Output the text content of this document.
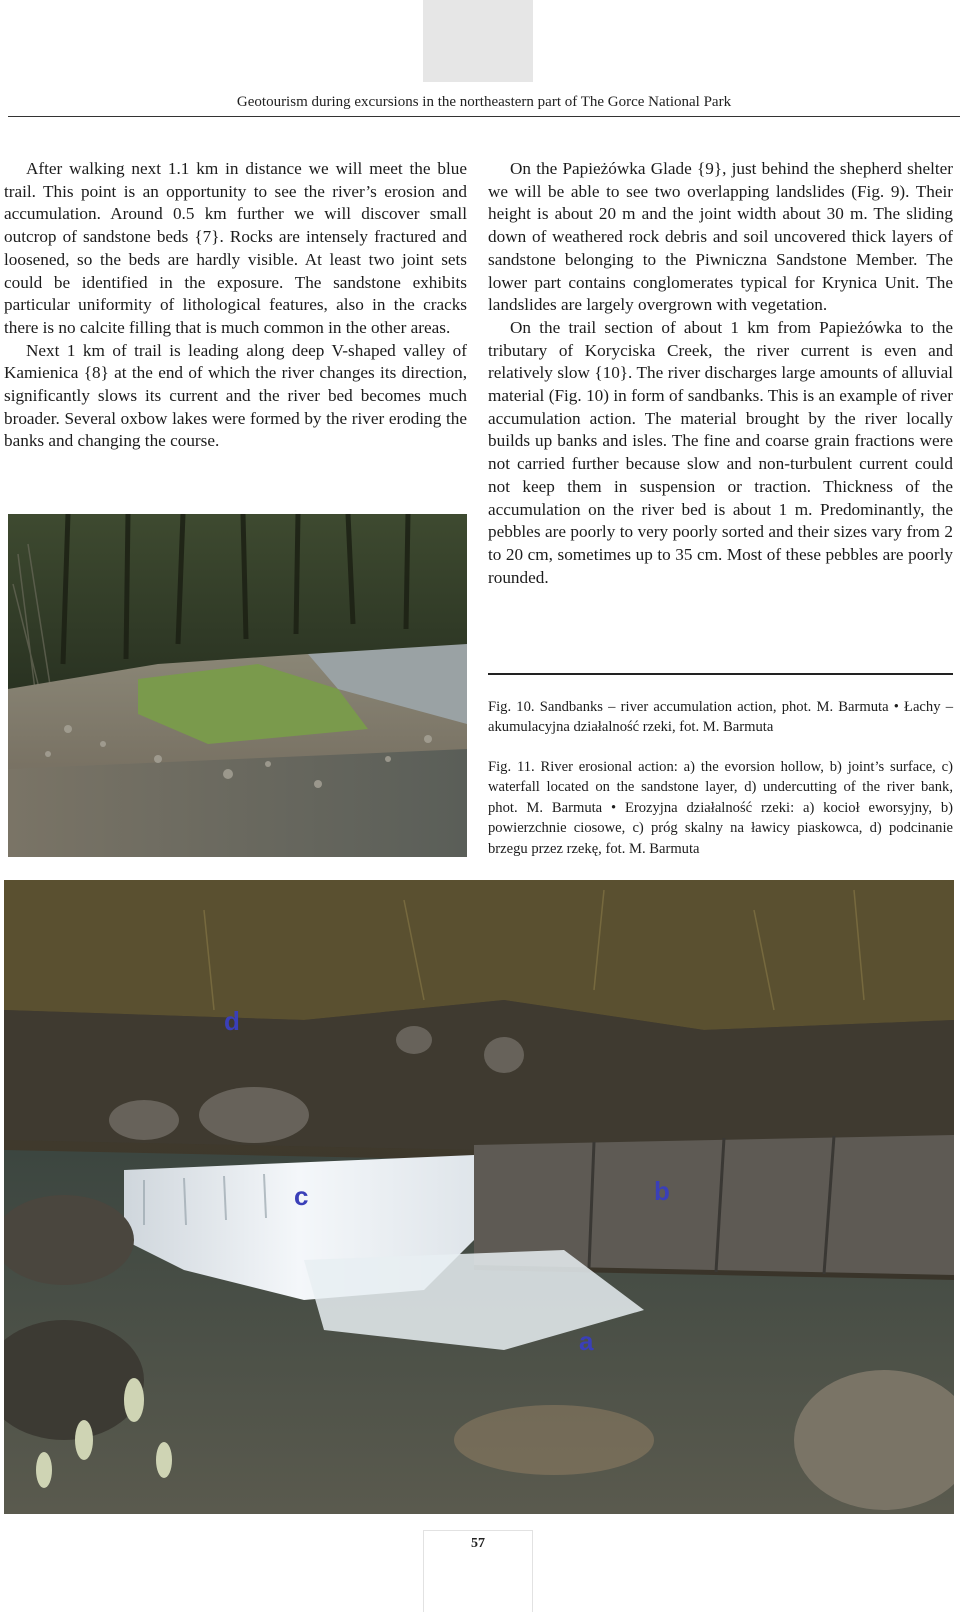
Geotourism during excursions in the northeastern part of The Gorce National Park

After walking next 1.1 km in distance we will meet the blue trail. This point is an opportunity to see the river’s erosion and accumulation. Around 0.5 km further we will discover small outcrop of sandstone beds {7}. Rocks are intensely fractured and loosened, so the beds are hardly visible. At least two joint sets could be identified in the exposure. The sandstone exhibits particular uniformity of lithological features, also in the cracks there is no calcite filling that is much common in the other areas.

Next 1 km of trail is leading along deep V-shaped valley of Kamienica {8} at the end of which the river changes its direction, significantly slows its current and the river bed becomes much broader. Several oxbow lakes were formed by the river eroding the banks and changing the course.

On the Papieżówka Glade {9}, just behind the shepherd shelter we will be able to see two overlapping landslides (Fig. 9). Their height is about 20 m and the joint width about 30 m. The sliding down of weathered rock debris and soil uncovered thick layers of sandstone belonging to the Piwniczna Sandstone Member. The lower part contains conglomerates typical for Krynica Unit. The landslides are largely overgrown with vegetation.

On the trail section of about 1 km from Papieżówka to the tributary of Koryciska Creek, the river current is even and relatively slow {10}. The river discharges large amounts of alluvial material (Fig. 10) in form of sandbanks. This is an example of river accumulation action. The material brought by the river locally builds up banks and isles. The fine and coarse grain fractions were not carried further because slow and non-turbulent current could not keep them in suspension or traction. Thickness of the accumulation on the river bed is about 1 m. Predominantly, the pebbles are poorly to very poorly sorted and their sizes vary from 2 to 20 cm, sometimes up to 35 cm. Most of these pebbles are poorly rounded.

Fig. 10. Sandbanks – river accumulation action, phot. M. Barmuta • Łachy – akumulacyjna działalność rzeki, fot. M. Barmuta
Fig. 11. River erosional action: a) the evorsion hollow, b) joint’s surface, c) waterfall located on the sandstone layer, d) undercutting of the river bank, phot. M. Barmuta • Erozyjna działalność rzeki: a) kocioł eworsyjny, b) powierzchnie ciosowe, c) próg skalny na ławicy piaskowca, d) podcinanie brzegu przez rzekę, fot. M. Barmuta
d
b
c
a
57
